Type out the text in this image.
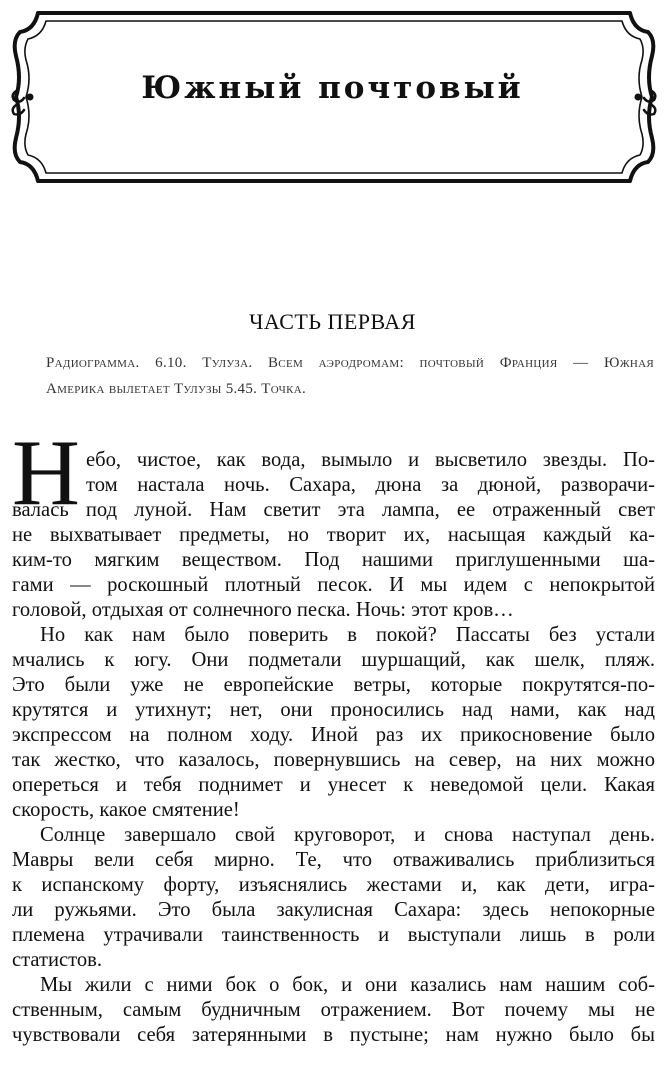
Южный почтовый
ЧАСТЬ ПЕРВАЯ
Радиограмма. 6.10. Тулуза. Всем аэродромам: почтовый Франция — Южная
Америка вылетает Тулузы 5.45. Точка.
Н ебо, чистое, как вода, вымыло и высветило звезды. По-
том настала ночь. Сахара, дюна за дюной, разворачи-
валась под луной. Нам светит эта лампа, ее отраженный свет
не выхватывает предметы, но творит их, насыщая каждый ка-
ким-то мягким веществом. Под нашими приглушенными ша-
гами — роскошный плотный песок. И мы идем с непокрытой
головой, отдыхая от солнечного песка. Ночь: этот кров…
Но как нам было поверить в покой? Пассаты без устали
мчались к югу. Они подметали шуршащий, как шелк, пляж.
Это были уже не европейские ветры, которые покрутятся-по-
крутятся и утихнут; нет, они проносились над нами, как над
экспрессом на полном ходу. Иной раз их прикосновение было
так жестко, что казалось, повернувшись на север, на них можно
опереться и тебя поднимет и унесет к неведомой цели. Какая
скорость, какое смятение!
Солнце завершало свой круговорот, и снова наступал день.
Мавры вели себя мирно. Те, что отваживались приблизиться
к испанскому форту, изъяснялись жестами и, как дети, игра-
ли ружьями. Это была закулисная Сахара: здесь непокорные
племена утрачивали таинственность и выступали лишь в роли
статистов.
Мы жили с ними бок о бок, и они казались нам нашим соб-
ственным, самым будничным отражением. Вот почему мы не
чувствовали себя затерянными в пустыне; нам нужно было бы
